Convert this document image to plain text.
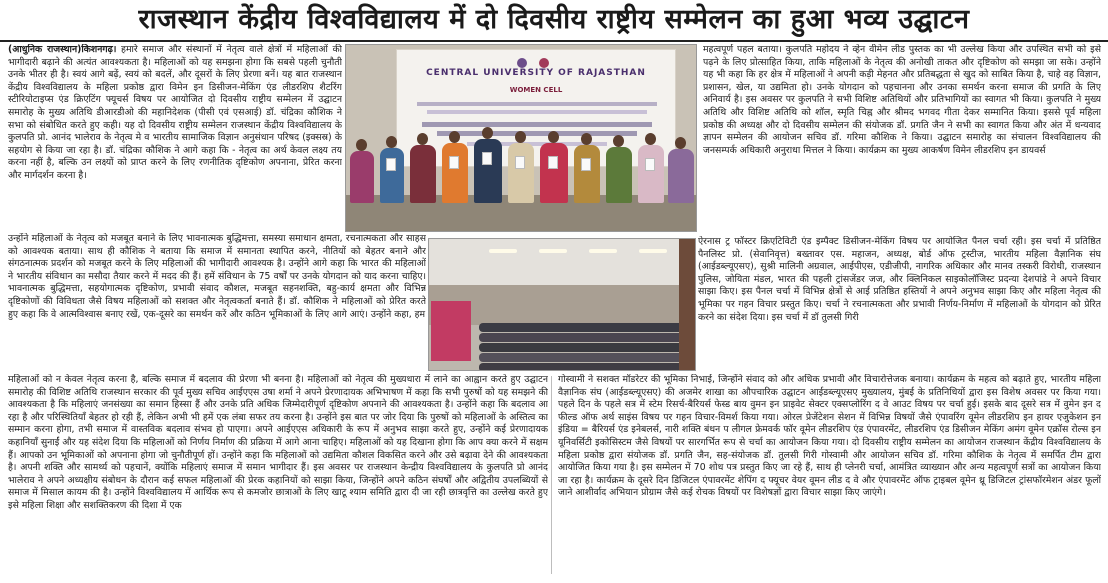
राजस्थान केंद्रीय विश्वविद्यालय में दो दिवसीय राष्ट्रीय सम्मेलन का हुआ भव्य उद्घाटन

(आधुनिक राजस्थान)किशनगढ़। हमारे समाज और संस्थानों में नेतृत्व वाले क्षेत्रों में महिलाओं की भागीदारी बढ़ाने की अत्यंत आवश्यकता है। महिलाओं को यह समझना होगा कि सबसे पहली चुनौती उनके भीतर ही है। स्वयं आगे बढ़ें, स्वयं को बदलें, और दूसरों के लिए प्रेरणा बनें। यह बात राजस्थान केंद्रीय विश्वविद्यालय के महिला प्रकोष्ठ द्वारा विमेन इन डिसीजन-मेकिंग एंड लीडरशिप शैटरिंग स्टीरियोटाइप्स एंड क्रिएटिंग फ्यूचर्स विषय पर आयोजित दो दिवसीय राष्ट्रीय सम्मेलन में उद्घाटन समारोह के मुख्य अतिथि डीआरडीओ की महानिदेशक (पीसी एवं एसआई) डॉ. चंद्रिका कौशिक ने सभा को संबोधित करते हुए कही। यह दो दिवसीय राष्ट्रीय सम्मेलन राजस्थान केंद्रीय विश्वविद्यालय के कुलपति प्रो. आनंद भालेराव के नेतृत्व मे व भारतीय सामाजिक विज्ञान अनुसंधान परिषद (इक्सस्र) के सहयोग से किया जा रहा है। डॉ. चंद्रिका कौशिक ने आगे कहा कि - नेतृत्व का अर्थ केवल लक्ष्य तय करना नहीं है, बल्कि उन लक्ष्यों को प्राप्त करने के लिए रणनीतिक दृष्टिकोण अपनाना, प्रेरित करना और मार्गदर्शन करना है।

CENTRAL UNIVERSITY OF RAJASTHAN
WOMEN CELL

उन्होंने महिलाओं के नेतृत्व को मजबूत बनाने के लिए भावनात्मक बुद्धिमत्ता, समस्या समाधान क्षमता, रचनात्मकता और साहस को आवश्यक बताया। साथ ही कौशिक ने बताया कि समाज में समानता स्थापित करने, नीतियों को बेहतर बनाने और संगठनात्मक प्रदर्शन को मजबूत करने के लिए महिलाओं की भागीदारी आवश्यक है। उन्होंने आगे कहा कि भारत की महिलाओं ने भारतीय संविधान का मसौदा तैयार करने में मदद की हैं। हमें संविधान के 75 वर्षों पर उनके योगदान को याद करना चाहिए। भावनात्मक बुद्धिमत्ता, सहयोगात्मक दृष्टिकोण, प्रभावी संवाद कौशल, मजबूत सहनशक्ति, बहु-कार्य क्षमता और विभिन्न दृष्टिकोणों की विविधता जैसे विषय महिलाओं को सशक्त और नेतृत्वकर्ता बनाते हैं। डॉ. कौशिक ने महिलाओं को प्रेरित करते हुए कहा कि वे आत्मविश्वास बनाए रखें, एक-दूसरे का समर्थन करें और कठिन भूमिकाओं के लिए आगे आएं। उन्होंने कहा, हम

महत्वपूर्ण पहल बताया। कुलपति महोदय ने व्हेन वीमेन लीड पुस्तक का भी उल्लेख किया और उपस्थित सभी को इसे पढ़ने के लिए प्रोत्साहित किया, ताकि महिलाओं के नेतृत्व की अनोखी ताकत और दृष्टिकोण को समझा जा सके। उन्होंने यह भी कहा कि हर क्षेत्र में महिलाओं ने अपनी कड़ी मेहनत और प्रतिबद्धता से खुद को साबित किया है, चाहे वह विज्ञान, प्रशासन, खेल, या उद्यमिता हो। उनके योगदान को पहचानना और उनका समर्थन करना समाज की प्रगति के लिए अनिवार्य है। इस अवसर पर कुलपति ने सभी विशिष्ट अतिथियों और प्रतिभागियों का स्वागत भी किया। कुलपति ने मुख्य अतिथि और विशिष्ट अतिथि को शॉल, स्मृति चिह्न और श्रीमद भगवद गीता देकर सम्मानित किया। इससे पूर्व महिला प्रकोष्ठ की अध्यक्ष और दो दिवसीय सम्मेलन की संयोजक डॉ. प्रगति जैन ने सभी का स्वागत किया और अंत में धन्यवाद ज्ञापन सम्मेलन की आयोजन सचिव डॉ. गरिमा कौशिक ने किया। उद्घाटन समारोह का संचालन विश्वविद्यालय की जनसम्पर्क अधिकारी अनुराधा मित्तल ने किया। कार्यक्रम का मुख्य आकर्षण विमेन लीडरशिप इन डायवर्स

ऐरनास ट्र फॉस्टर क्रिएटिविटी एंड इम्पैक्ट डिसीजन-मेकिंग विषय पर आयोजित पैनल चर्चा रही। इस चर्चा में प्रतिष्ठित पैनलिस्ट प्रो. (सेवानिवृत्त) बख्तावर एस. महाजन, अध्यक्ष, बोर्ड ऑफ ट्रस्टीज, भारतीय महिला वैज्ञानिक संघ (आईडब्ल्यूएसए), सुश्री मालिनी अग्रवाल, आईपीएस, एडीजीपी, नागरिक अधिकार और मानव तस्करी विरोधी, राजस्थान पुलिस, जोयिता मंडल, भारत की पहली ट्रांसजेंडर जज, और क्लिनिकल साइकोलॉजिस्ट प्रदन्या देशपांडे ने अपने विचार साझा किए। इस पैनल चर्चा में विभिन्न क्षेत्रों से आई प्रतिष्ठित हस्तियों ने अपने अनुभव साझा किए और महिला नेतृत्व की भूमिका पर गहन विचार प्रस्तुत किए। चर्चा ने रचनात्मकता और प्रभावी निर्णय-निर्माण में महिलाओं के योगदान को प्रेरित करने का संदेश दिया। इस चर्चा में डॉ तुलसी गिरी

महिलाओं को न केवल नेतृत्व करना है, बल्कि समाज में बदलाव की प्रेरणा भी बनना है। महिलाओं को नेतृत्व की मुख्यधारा में लाने का आह्वान करते हुए उद्घाटन समारोह की विशिष्ट अतिथि राजस्थान सरकार की पूर्व मुख्य सचिव आईएएस उषा शर्मा ने अपने प्रेरणादायक अभिभाषण में कहा कि सभी पुरुषों को यह समझने की आवश्यकता है कि महिलाएं जनसंख्या का समान हिस्सा हैं और उनके प्रति अधिक जिम्मेदारीपूर्ण दृष्टिकोण अपनाने की आवश्यकता है। उन्होंने कहा कि बदलाव आ रहा है और परिस्थितियाँ बेहतर हो रही हैं, लेकिन अभी भी हमें एक लंबा सफर तय करना है। उन्होंने इस बात पर जोर दिया कि पुरुषों को महिलाओं के अस्तित्व का सम्मान करना होगा, तभी समाज में वास्तविक बदलाव संभव हो पाएगा। अपने आईएएस अधिकारी के रूप में अनुभव साझा करते हुए, उन्होंने कई प्रेरणादायक कहानियाँ सुनाईं और यह संदेश दिया कि महिलाओं को निर्णय निर्माण की प्रक्रिया में आगे आना चाहिए। महिलाओं को यह दिखाना होगा कि आप क्या करने में सक्षम हैं। आपको उन भूमिकाओं को अपनाना होगा जो चुनौतीपूर्ण हों। उन्होंने कहा कि महिलाओं को उद्यमिता कौशल विकसित करने और उसे बढ़ावा देने की आवश्यकता है। अपनी शक्ति और सामर्थ्य को पहचानें, क्योंकि महिलाएं समाज में समान भागीदार हैं। इस अवसर पर राजस्थान केन्द्रीय विश्वविद्यालय के कुलपति प्रो आनंद भालेराव ने अपने अध्यक्षीय संबोधन के दौरान कई सफल महिलाओं की प्रेरक कहानियों को साझा किया, जिन्होंने अपने कठिन संघर्षों और अद्वितीय उपलब्धियों से समाज में मिसाल कायम की है। उन्होंने विश्वविद्यालय में आर्थिक रूप से कमजोर छात्राओं के लिए खाटू श्याम समिति द्वारा दी जा रही छात्रवृत्ति का उल्लेख करते हुए इसे महिला शिक्षा और सशक्तिकरण की दिशा में एक

गोस्वामी ने सशक्त मॉडरेटर की भूमिका निभाई, जिन्होंने संवाद को और अधिक प्रभावी और विचारोत्तेजक बनाया। कार्यक्रम के महत्व को बढ़ाते हुए, भारतीय महिला वैज्ञानिक संघ (आईडब्ल्यूएसए) की अजमेर शाखा का औपचारिक उद्घाटन आईडब्ल्यूएसए मुख्यालय, मुंबई के प्रतिनिधियों द्वारा इस विशेष अवसर पर किया गया। पहले दिन के पहले सत्र में स्टेम रिसर्च-बैरियर्स फेस्ड बाय वुमन इन प्राइवेट सेक्टर एक्सप्लोरिंग द वे आउट विषय पर चर्चा हुई। इसके बाद दूसरे सत्र में वुमेन इन द फील्ड ऑफ अर्थ साइंस विषय पर गहन विचार-विमर्श किया गया। ओरल प्रेजेंटेशन सेशन में विभिन्न विषयों जैसे एंपावरिंग वूमेन लीडरशिप इन हायर एजुकेशन इन इंडिया = बैरियर्स एंड इनेबलर्स, नारी शक्ति बंधन प लीगल फ्रेमवर्क फॉर वूमेन लीडरशिप एंड एंपावरमेंट, लीडरशिप एंड डिसीजन मेकिंग अमंग वूमेन एक्रॉस रोल्स इन यूनिवर्सिटी इकोसिस्टम जैसे विषयों पर सारगर्भित रूप से चर्चा का आयोजन किया गया। दो दिवसीय राष्ट्रीय सम्मेलन का आयोजन राजस्थान केंद्रीय विश्वविद्यालय के महिला प्रकोष्ठ द्वारा संयोजक डॉ. प्रगति जैन, सह-संयोजक डॉ. तुलसी गिरी गोस्वामी और आयोजन सचिव डॉ. गरिमा कौशिक के नेतृत्व में समर्पित टीम द्वारा आयोजित किया गया है। इस सम्मेलन में 70 शोध पत्र प्रस्तुत किए जा रहे हैं, साथ ही प्लेनरी चर्चा, आमंत्रित व्याख्यान और अन्य महत्वपूर्ण सत्रों का आयोजन किया जा रहा है। कार्यक्रम के दूसरे दिन डिजिटल एंपावरमेंट शेपिंग द फ्यूचर वेयर वूमन लीड द वे और एंपावरमेंट ऑफ ट्राइबल वूमेन थ्रू डिजिटल ट्रांसफॉरमेशन अंडर फूलों जाने आशीर्वाद अभियान प्रोग्राम जैसे कई रोचक विषयों पर विशेषज्ञों द्वारा विचार साझा किए जाएंगे।
